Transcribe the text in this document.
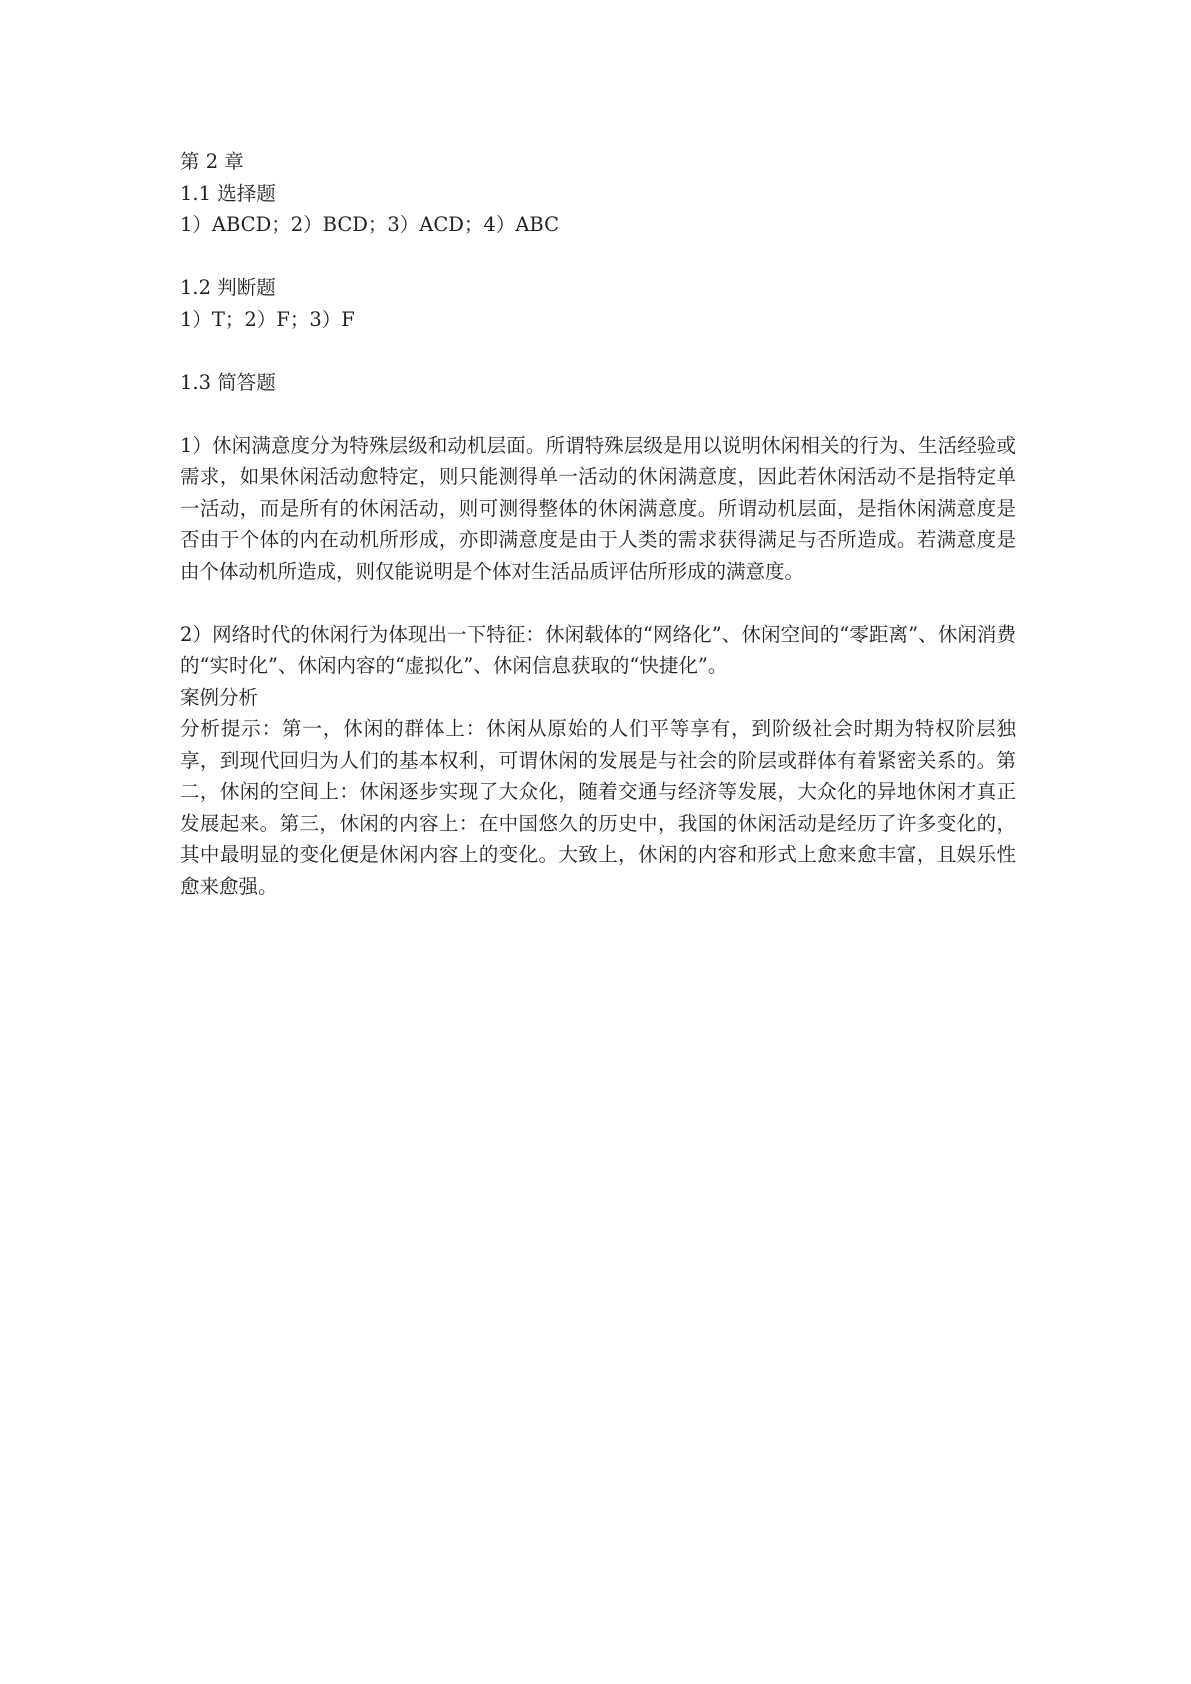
第 2 章
1.1 选择题
1）ABCD；2）BCD；3）ACD；4）ABC
1.2 判断题
1）T；2）F；3）F
1.3 简答题
1）休闲满意度分为特殊层级和动机层面。所谓特殊层级是用以说明休闲相关的行为、生活经验或需求，如果休闲活动愈特定，则只能测得单一活动的休闲满意度，因此若休闲活动不是指特定单一活动，而是所有的休闲活动，则可测得整体的休闲满意度。所谓动机层面，是指休闲满意度是否由于个体的内在动机所形成，亦即满意度是由于人类的需求获得满足与否所造成。若满意度是由个体动机所造成，则仅能说明是个体对生活品质评估所形成的满意度。
2）网络时代的休闲行为体现出一下特征：休闲载体的“网络化”、休闲空间的“零距离”、休闲消费的“实时化”、休闲内容的“虚拟化”、休闲信息获取的“快捷化”。
案例分析
分析提示：第一，休闲的群体上：休闲从原始的人们平等享有，到阶级社会时期为特权阶层独享，到现代回归为人们的基本权利，可谓休闲的发展是与社会的阶层或群体有着紧密关系的。第二，休闲的空间上：休闲逐步实现了大众化，随着交通与经济等发展，大众化的异地休闲才真正发展起来。第三，休闲的内容上：在中国悠久的历史中，我国的休闲活动是经历了许多变化的，其中最明显的变化便是休闲内容上的变化。大致上，休闲的内容和形式上愈来愈丰富，且娱乐性愈来愈强。
